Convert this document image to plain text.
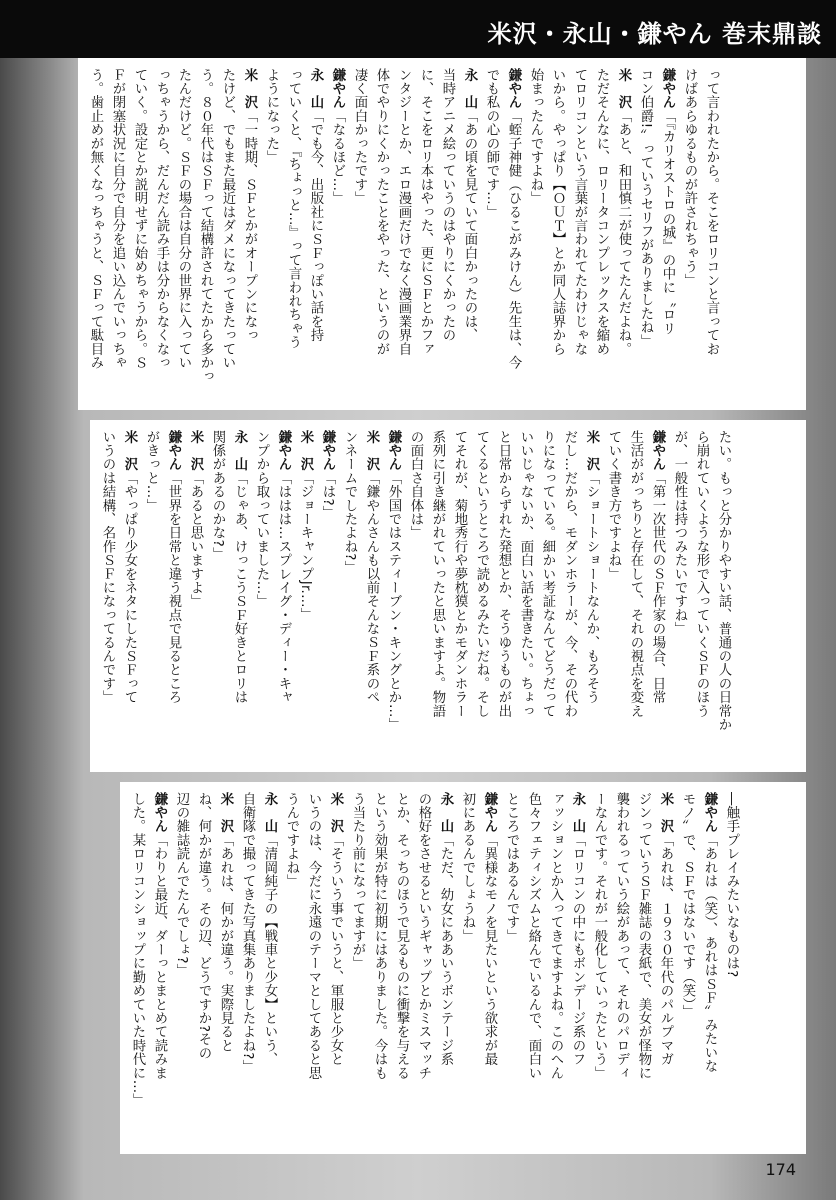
米沢・永山・鎌やん 巻末鼎談

って言われたから。そこをロリコンと言ってお

けばあらゆるものが許されちゃう」

鎌やん「『カリオストロの城』の中に〝ロリ

コン伯爵!〟っていうセリフがありましたね」

米　沢「あと、和田慎二が使ってたんだよね。

ただそんなに、ロリータコンプレックスを縮め

てロリコンという言葉が言われてたわけじゃな

いから。やっぱり【ＯＵＴ】とか同人誌界から

始まったんですよね」

鎌やん「蛭子神健（ひるこがみけん）先生は、今

でも私の心の師です…」

永　山「あの頃を見ていて面白かったのは、

当時アニメ絵っていうのはやりにくかったの

に、そこをロリ本はやった、更にＳＦとかファ

ンタジーとか、エロ漫画だけでなく漫画業界自

体でやりにくかったことをやった、というのが

凄く面白かったです」

鎌やん「なるほど…」

永　山「でも今、出版社にＳＦっぽい話を持

っていくと、『ちょっと…』って言われちゃう

ようになった」

米　沢「一時期、ＳＦとかがオープンになっ

たけど、でもまた最近はダメになってきたってい

う。８０年代はＳＦって結構許されてたから多かっ

たんだけど。ＳＦの場合は自分の世界に入ってい

っちゃうから、だんだん読み手は分からなくなっ

ていく。設定とか説明せずに始めちゃうから。Ｓ

Ｆが閉塞状況に自分で自分を追い込んでいっちゃ

う。歯止めが無くなっちゃうと、ＳＦって駄目み

たい。もっと分かりやすい話、普通の人の日常か

ら崩れていくような形で入っていくＳＦのほう

が、一般性は持つみたいですね」

鎌やん「第一次世代のＳＦ作家の場合、日常

生活ががっちりと存在して、それの視点を変え

ていく書き方ですよね」

米　沢「ショートショートなんか、もろそう

だし…だから、モダンホラーが、今、その代わ

りになっている。細かい考証なんてどうだって

いいじゃないか、面白い話を書きたい。ちょっ

と日常からずれた発想とか、そうゆうものが出

てくるというところで読めるみたいだね。そし

てそれが、菊地秀行や夢枕獏とかモダンホラー

系列に引き継がれていったと思いますよ。物語

の面白さ自体は」

鎌やん「外国ではスティーブン・キングとか…」

米　沢「鎌やんさんも以前そんなＳＦ系のペ

ンネームでしたよね?」

鎌やん「は?」

米　沢「ジョーキャンプJr.…」

鎌やん「ははは…スプレイグ・ディー・キャ

ンプから取っていました…」

永　山「じゃあ、けっこうＳＦ好きとロリは

関係があるのかな?」

米　沢「あると思いますよ」

鎌やん「世界を日常と違う視点で見るところ

がきっと…」

米　沢「やっぱり少女をネタにしたＳＦって

いうのは結構、名作ＳＦになってるんです」

―触手プレイみたいなものは?

鎌やん「あれは（笑）、あれはＳＦ〟みたいな

モノ〟で、ＳＦではないです（笑）」

米　沢「あれは、１９３０年代のパルプマガ

ジンっていうＳＦ雑誌の表紙で、美女が怪物に

襲われるっていう絵があって、それのパロディ

ーなんです。それが一般化していったという」

永　山「ロリコンの中にもボンデージ系のフ

ァッションとか入ってきてますよね。このへん

色々フェティシズムと絡んでいるんで、面白い

ところではあるんです」

鎌やん「異様なモノを見たいという欲求が最

初にあるんでしょうね」

永　山「ただ、幼女にああいうボンテージ系

の格好をさせるというギャップとかミスマッチ

とか、そっちのほうで見るものに衝撃を与える

という効果が特に初期にはありました。今はも

う当たり前になってますが」

米　沢「そういう事でいうと、軍服と少女と

いうのは、今だに永遠のテーマとしてあると思

うんですよね」

永　山「清岡純子の【戦車と少女】という、

自衛隊で撮ってきた写真集ありましたよね?」

米　沢「あれは、何かが違う。実際見ると

ね、何かが違う。その辺、どうですか?その

辺の雑誌読んでたんでしょ?」

鎌やん「わりと最近、ダーっとまとめて読みま

した。某ロリコンショップに勤めていた時代に…」

174
